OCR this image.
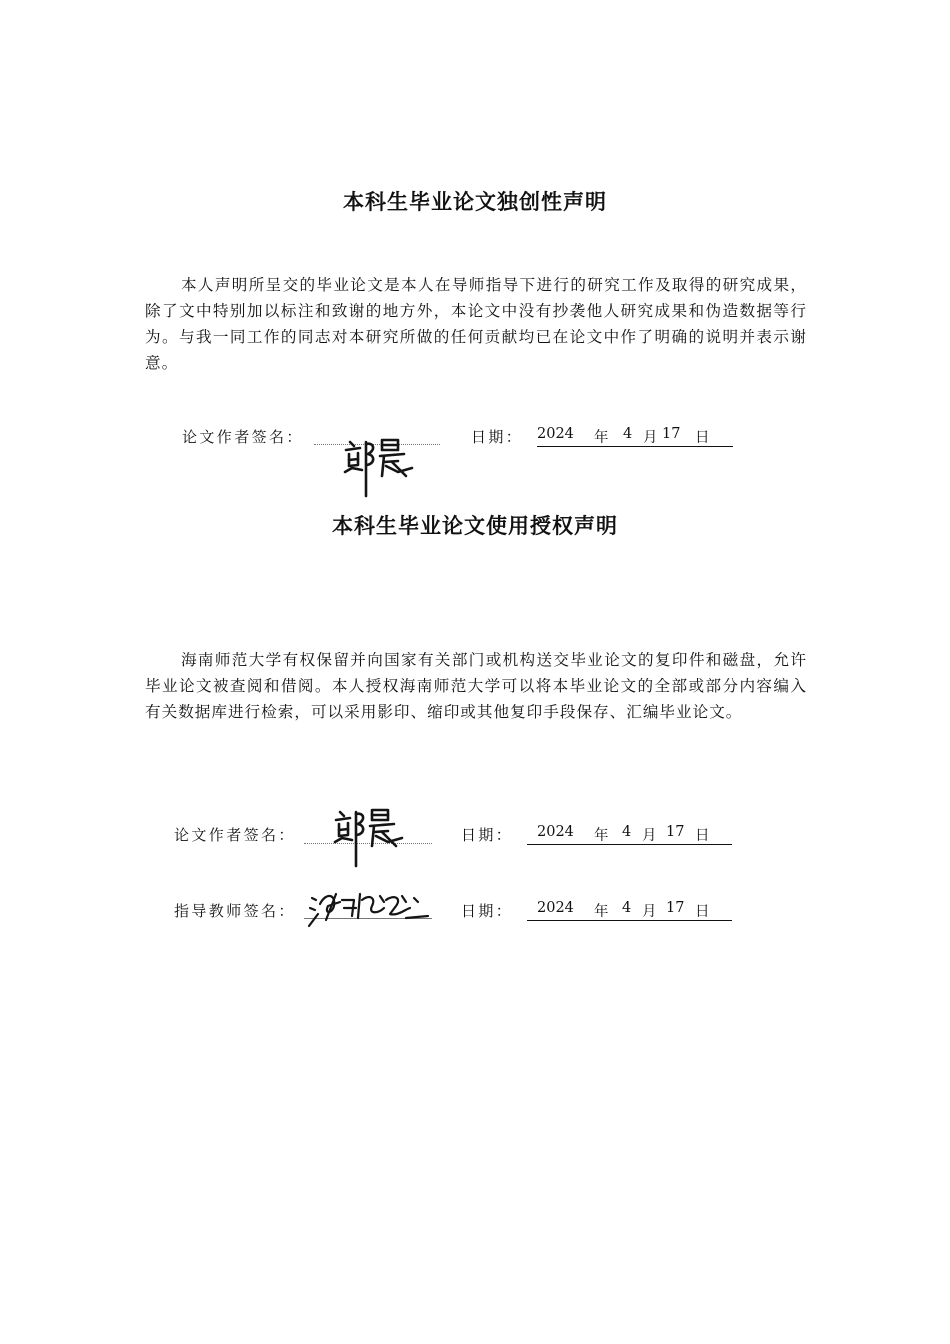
本科生毕业论文独创性声明

本人声明所呈交的毕业论文是本人在导师指导下进行的研究工作及取得的研究成果，除了文中特别加以标注和致谢的地方外，本论文中没有抄袭他人研究成果和伪造数据等行为。与我一同工作的同志对本研究所做的任何贡献均已在论文中作了明确的说明并表示谢意。

论文作者签名：	日期： 2024 年 4 月 17 日
本科生毕业论文使用授权声明

海南师范大学有权保留并向国家有关部门或机构送交毕业论文的复印件和磁盘，允许毕业论文被查阅和借阅。本人授权海南师范大学可以将本毕业论文的全部或部分内容编入有关数据库进行检索，可以采用影印、缩印或其他复印手段保存、汇编毕业论文。

论文作者签名：	日期： 2024 年 4 月 17 日
指导教师签名：	日期： 2024 年 4 月 17 日
